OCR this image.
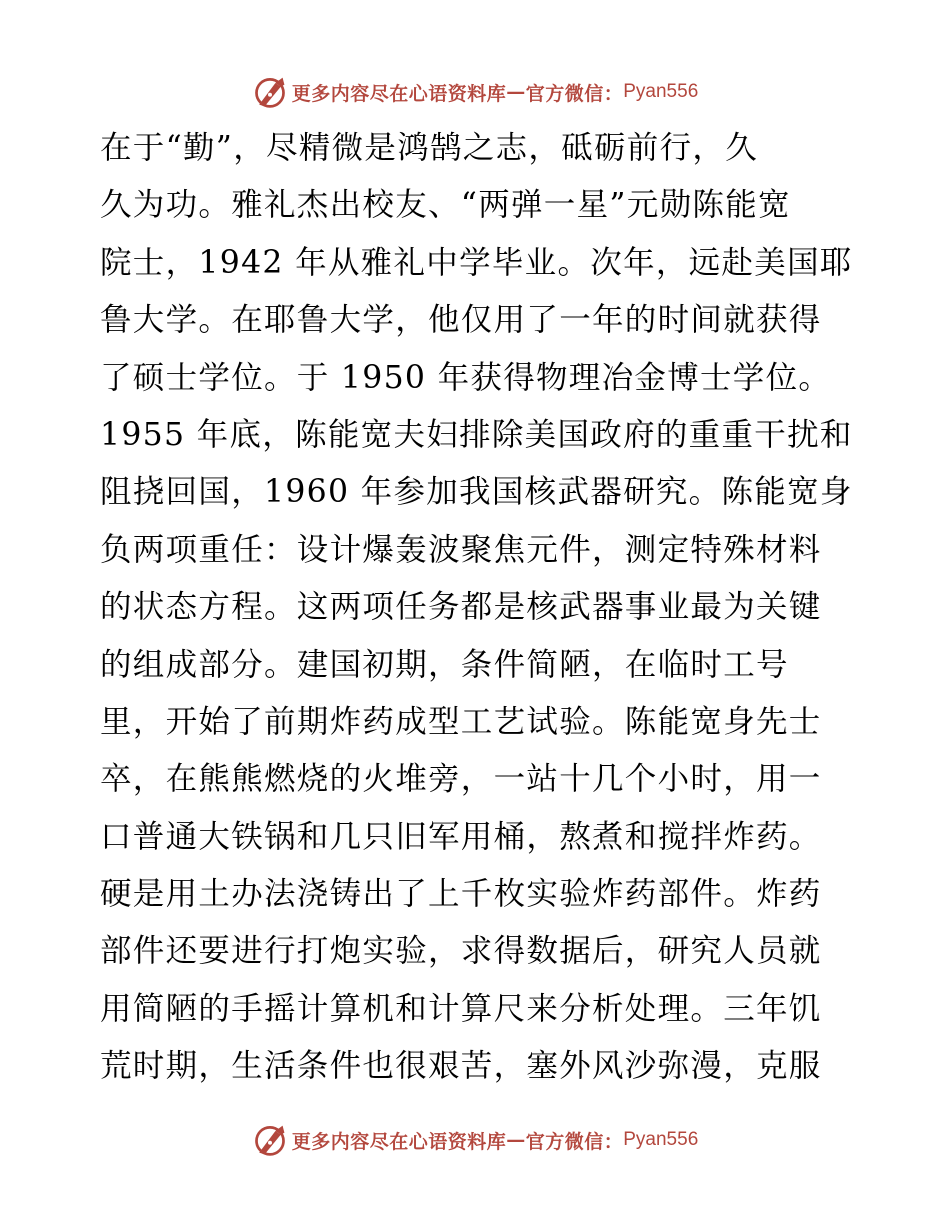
更多内容尽在心语资料库 — 官方微信： Pyan556
在于“勤”，尽精微是鸿鹄之志，砥砺前行，久
久为功。雅礼杰出校友、“两弹一星”元勋陈能宽
院士，1942 年从雅礼中学毕业。次年，远赴美国耶
鲁大学。在耶鲁大学，他仅用了一年的时间就获得
了硕士学位。于 1950 年获得物理冶金博士学位。
1955 年底，陈能宽夫妇排除美国政府的重重干扰和
阻挠回国，1960 年参加我国核武器研究。陈能宽身
负两项重任：设计爆轰波聚焦元件，测定特殊材料
的状态方程。这两项任务都是核武器事业最为关键
的组成部分。建国初期，条件简陋，在临时工号
里，开始了前期炸药成型工艺试验。陈能宽身先士
卒，在熊熊燃烧的火堆旁，一站十几个小时，用一
口普通大铁锅和几只旧军用桶，熬煮和搅拌炸药。
硬是用土办法浇铸出了上千枚实验炸药部件。炸药
部件还要进行打炮实验，求得数据后，研究人员就
用简陋的手摇计算机和计算尺来分析处理。三年饥
荒时期，生活条件也很艰苦，塞外风沙弥漫，克服
更多内容尽在心语资料库 — 官方微信： Pyan556
